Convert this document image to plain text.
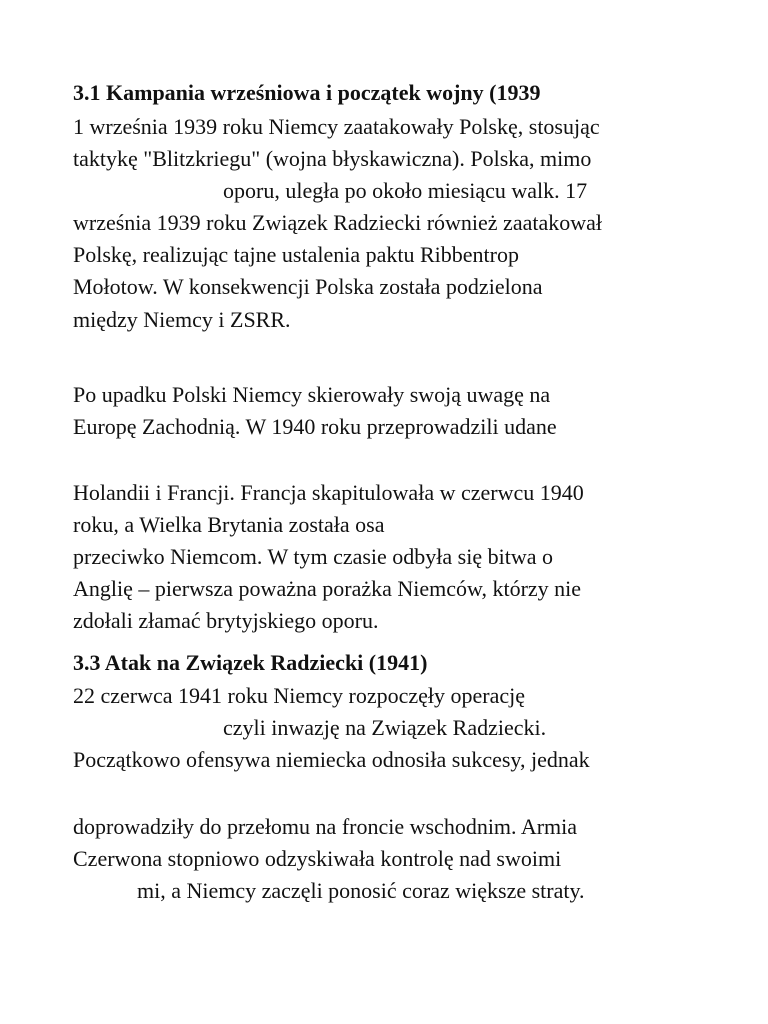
3.1 Kampania wrześniowa i początek wojny (1939
1 września 1939 roku Niemcy zaatakowały Polskę, stosując
taktykę "Blitzkriegu" (wojna błyskawiczna). Polska, mimo
oporu, uległa po około miesiącu walk. 17
września 1939 roku Związek Radziecki również zaatakował
Polskę, realizując tajne ustalenia paktu Ribbentrop
Mołotow. W konsekwencji Polska została podzielona
między Niemcy i ZSRR.
Po upadku Polski Niemcy skierowały swoją uwagę na
Europę Zachodnią. W 1940 roku przeprowadzili udane
Holandii i Francji. Francja skapitulowała w czerwcu 1940
roku, a Wielka Brytania została osa
przeciwko Niemcom. W tym czasie odbyła się bitwa o
Anglię – pierwsza poważna porażka Niemców, którzy nie
zdołali złamać brytyjskiego oporu.
3.3 Atak na Związek Radziecki (1941)
22 czerwca 1941 roku Niemcy rozpoczęły operację
czyli inwazję na Związek Radziecki.
Początkowo ofensywa niemiecka odnosiła sukcesy, jednak
doprowadziły do przełomu na froncie wschodnim. Armia
Czerwona stopniowo odzyskiwała kontrolę nad swoimi
mi, a Niemcy zaczęli ponosić coraz większe straty.
